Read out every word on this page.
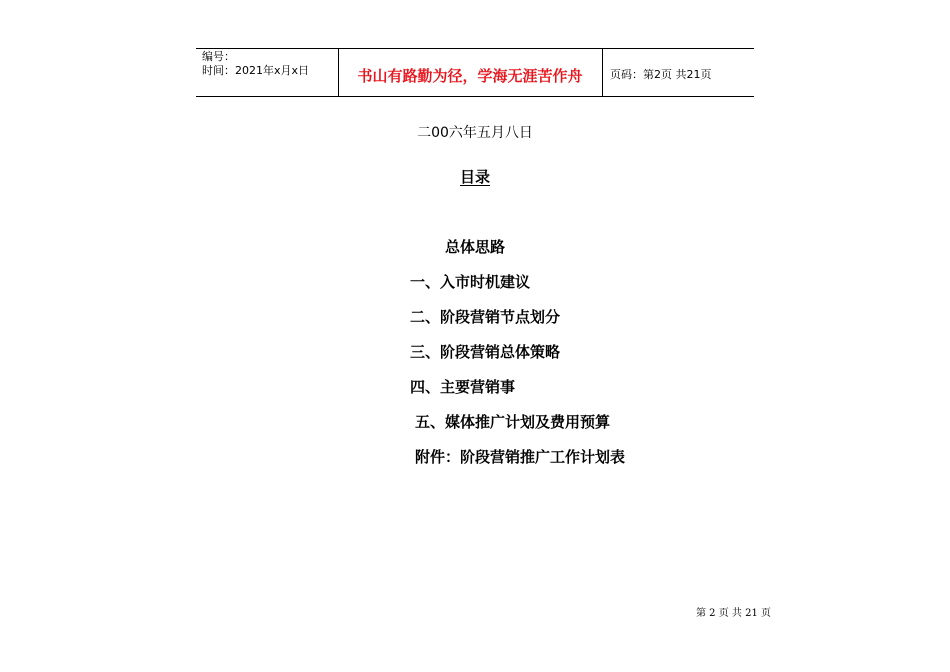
编号：
时间：2021年x月x日	书山有路勤为径，学海无涯苦作舟	页码：第2页 共21页
二00六年五月八日
目录
总体思路
一、入市时机建议
二、阶段营销节点划分
三、阶段营销总体策略
四、主要营销事
五、媒体推广计划及费用预算
附件：阶段营销推广工作计划表
第 2 页 共 21 页
